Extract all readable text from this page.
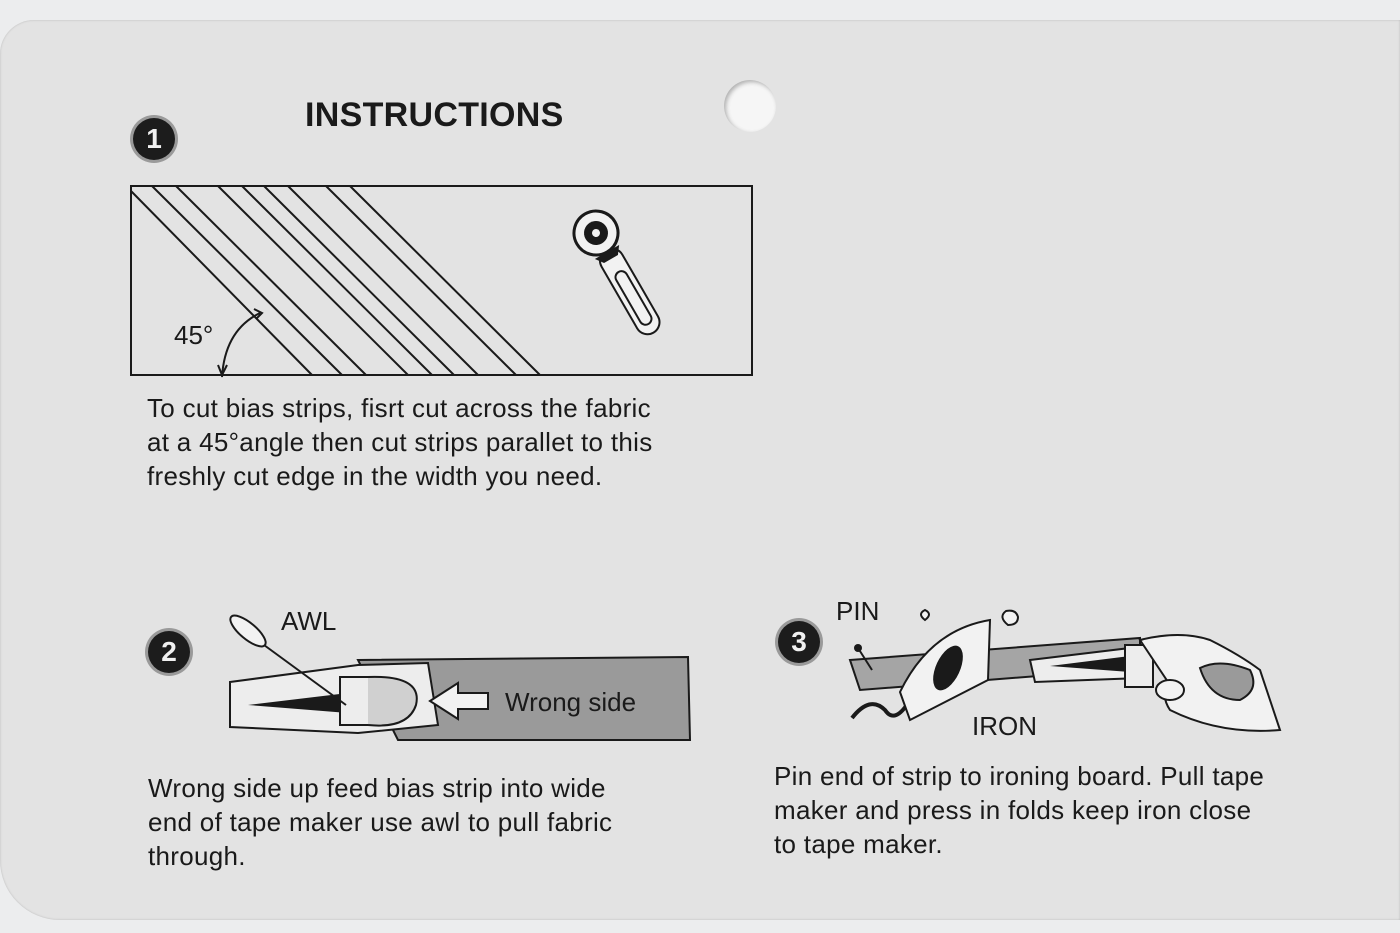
INSTRUCTIONS
1
45°
To cut bias strips, fisrt cut across the fabric
at a 45°angle then cut strips parallet to this
freshly cut edge in the width you need.
2
AWL
Wrong side
Wrong side up feed bias strip into wide
end of tape maker use awl to pull fabric
through.
3
PIN
IRON
Pin end of strip to ironing board. Pull tape
maker and press in folds keep iron close
to tape maker.
